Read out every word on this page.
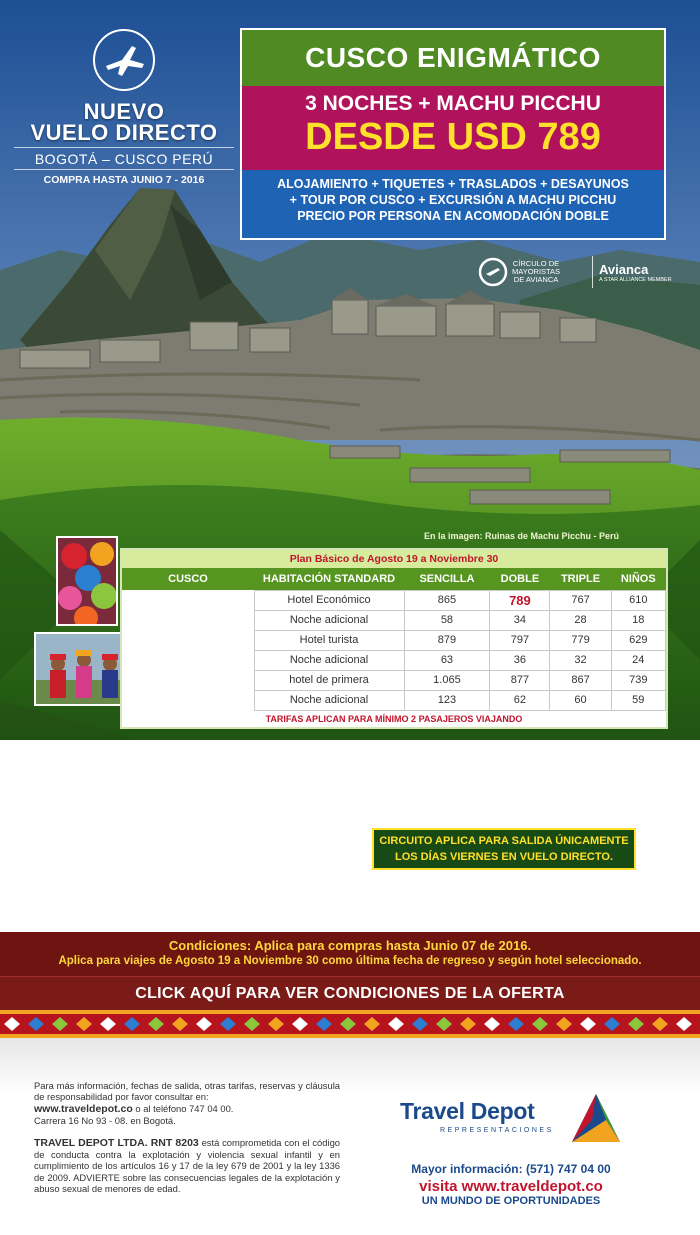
NUEVO
VUELO DIRECTO
BOGOTÁ – CUSCO PERÚ
COMPRA HASTA JUNIO 7 - 2016
CUSCO ENIGMÁTICO
3 NOCHES + MACHU PICCHU
DESDE USD 789
ALOJAMIENTO + TIQUETES + TRASLADOS + DESAYUNOS
+ TOUR POR CUSCO + EXCURSIÓN A MACHU PICCHU
PRECIO POR PERSONA EN ACOMODACIÓN DOBLE
CÍRCULO DE
MAYORISTAS
DE AVIANCA
Avianca
A STAR ALLIANCE MEMBER
En la imagen: Ruinas de Machu Picchu - Perú
Plan Básico de Agosto 19 a Noviembre 30
CUSCO	HABITACIÓN STANDARD	SENCILLA	DOBLE	TRIPLE	NIÑOS
	Hotel Económico	865	789	767	610
	Noche adicional	58	34	28	18
	Hotel turista	879	797	779	629
	Noche adicional	63	36	32	24
	hotel de primera	1.065	877	867	739
	Noche adicional	123	62	60	59
TARIFAS APLICAN PARA MÍNIMO 2 PASAJEROS VIAJANDO
EL PRECIO INCLUYE:
● Tiquete aéreo Colombia - Cusco - Colombia con Avianca. Todos los impuestos aplicables al tiquete.
● Traslados Aeropuerto – Hotel – Aeropuerto.
● 03 noches de alojamiento en Cusco con Desayunos.
● Tour por la ciudad de Cusco y Parque Arqueológico de Sacsayhuaman.
● Excursión todo el día a Machu Picchu con almuerzo en Aguas Calientes.
● Transporte en tren Expedition e ingreso a Machu Picchu con guía en servicio regular.
● Impuestos hoteleros.
EL PRECIO NO INCLUYE:
● 2% Fee Bancario.
● Alimentación no descrita en el plan.
● Gastos y/o servicios no especificados.
● Suplemento de USD20 para pasajero viajando solo
CIRCUITO APLICA PARA SALIDA ÚNICAMENTE
LOS DÍAS VIERNES EN VUELO DIRECTO.
Tarifas exclusivas para pasajeros con pasaporte de Bolivia, Ecuador o Colombia. Pasajeros de otras nacionalidades aplica suplemento.
Condiciones: Aplica para compras hasta Junio 07 de 2016.
Aplica para viajes de Agosto 19 a Noviembre 30 como última fecha de regreso y según hotel seleccionado.
CLICK AQUÍ PARA VER CONDICIONES DE LA OFERTA

Para más información, fechas de salida, otras tarifas, reservas y cláusula de responsabilidad por favor consultar en:
www.traveldepot.co o al teléfono 747 04 00.
Carrera 16 No 93 - 08. en Bogotá.

TRAVEL DEPOT LTDA. RNT 8203 está comprometida con el código de conducta contra la explotación y violencia sexual infantil y en cumplimiento de los artículos 16 y 17 de la ley 679 de 2001 y la ley 1336 de 2009. ADVIERTE sobre las consecuencias legales de la explotación y abuso sexual de menores de edad.

Travel Depot
REPRESENTACIONES
Mayor información: (571) 747 04 00
visita www.traveldepot.co
UN MUNDO DE OPORTUNIDADES
